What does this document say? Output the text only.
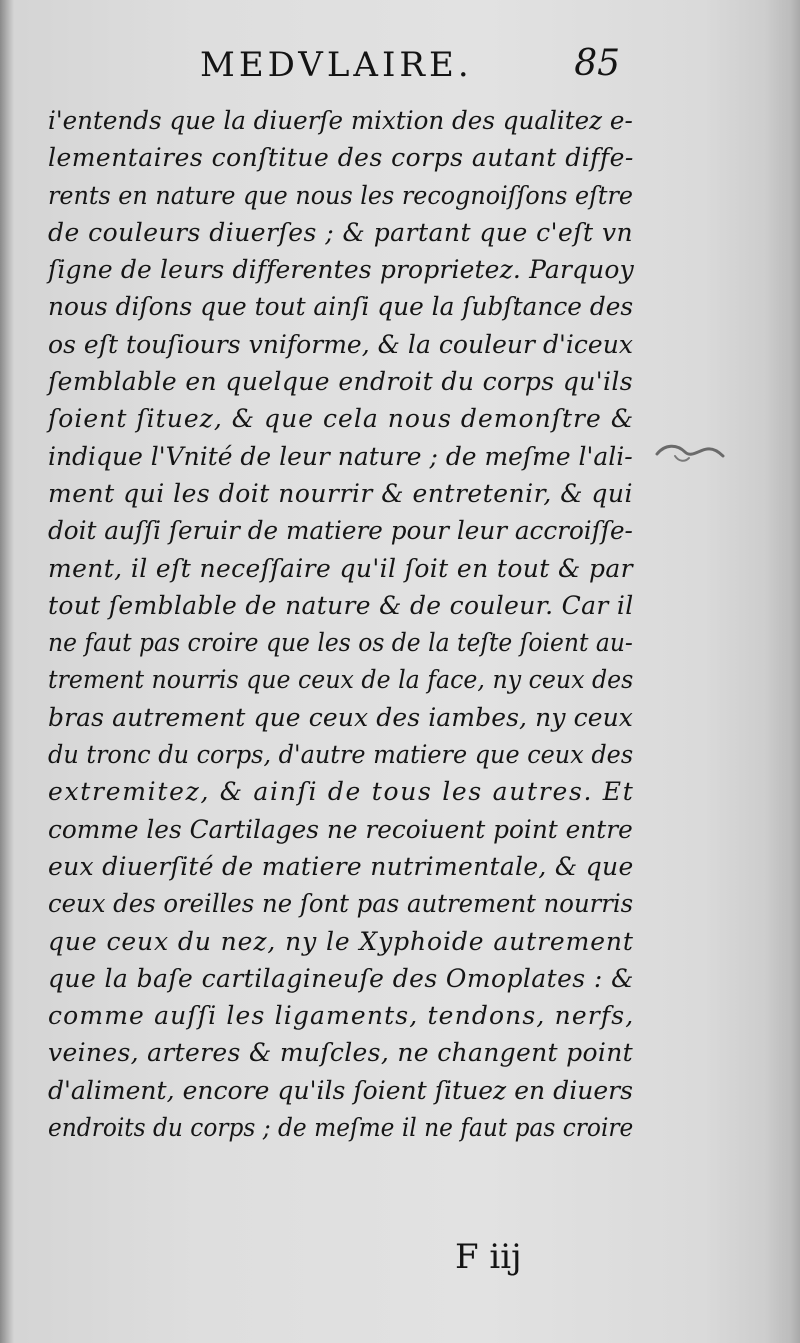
MEDVLAIRE.	85
i'entends que la diuerſe mixtion des qualitez e-
lementaires conſtitue des corps autant diffe-
rents en nature que nous les recognoiſſons eſtre
de couleurs diuerſes ; & partant que c'eſt vn
ſigne de leurs differentes proprietez. Parquoy
nous diſons que tout ainſi que la ſubſtance des
os eſt touſiours vniforme, & la couleur d'iceux
ſemblable en quelque endroit du corps qu'ils
ſoient ſituez, & que cela nous demonſtre &
indique l'Vnité de leur nature ; de meſme l'ali-
ment qui les doit nourrir & entretenir, & qui
doit auſſi ſeruir de matiere pour leur accroiſſe-
ment, il eſt neceſſaire qu'il ſoit en tout & par
tout ſemblable de nature & de couleur. Car il
ne faut pas croire que les os de la teſte ſoient au-
trement nourris que ceux de la face, ny ceux des
bras autrement que ceux des iambes, ny ceux
du tronc du corps, d'autre matiere que ceux des
extremitez, & ainſi de tous les autres. Et
comme les Cartilages ne recoiuent point entre
eux diuerſité de matiere nutrimentale, & que
ceux des oreilles ne ſont pas autrement nourris
que ceux du nez, ny le Xyphoide autrement
que la baſe cartilagineuſe des Omoplates : &
comme auſſi les ligaments, tendons, nerfs,
veines, arteres & muſcles, ne changent point
d'aliment, encore qu'ils ſoient ſituez en diuers
endroits du corps ; de meſme il ne faut pas croire
F iij
